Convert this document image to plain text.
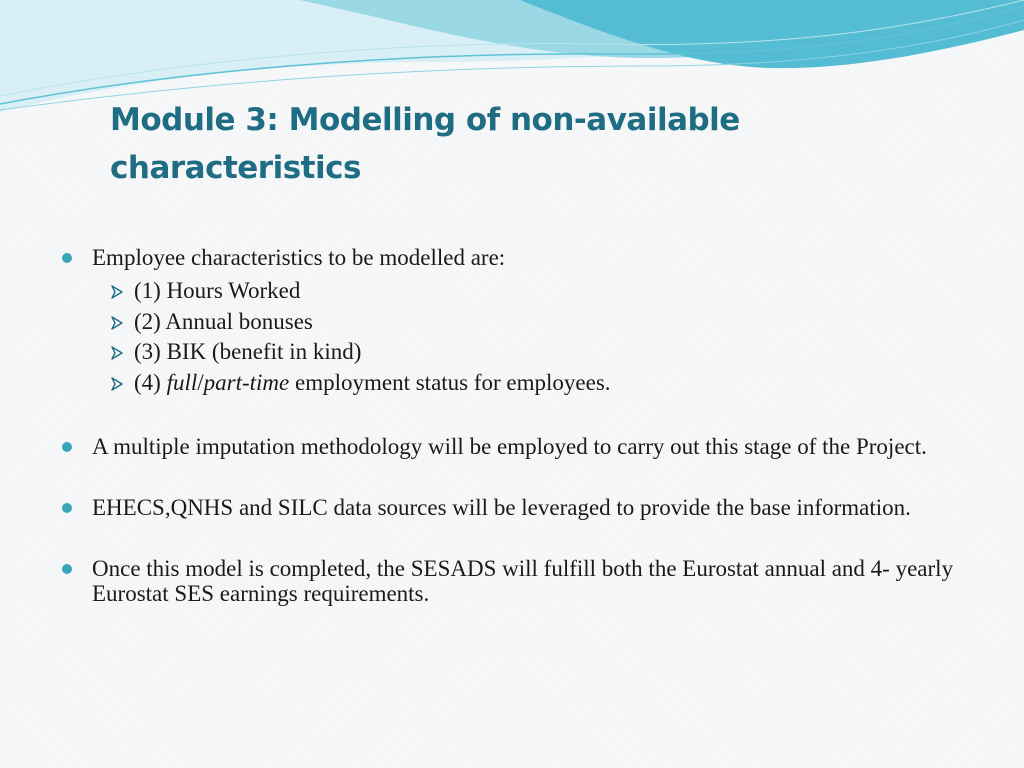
Module 3: Modelling of non-available
characteristics
Employee characteristics to be modelled are:
(1) Hours Worked
(2) Annual bonuses
(3) BIK (benefit in kind)
(4) full/part-time employment status for employees.
A multiple imputation methodology will be employed to carry out this stage of the Project.
EHECS,QNHS and SILC data sources will be leveraged to provide the base information.
Once this model is completed, the SESADS will fulfill both the Eurostat annual and 4- yearly Eurostat SES earnings requirements.
